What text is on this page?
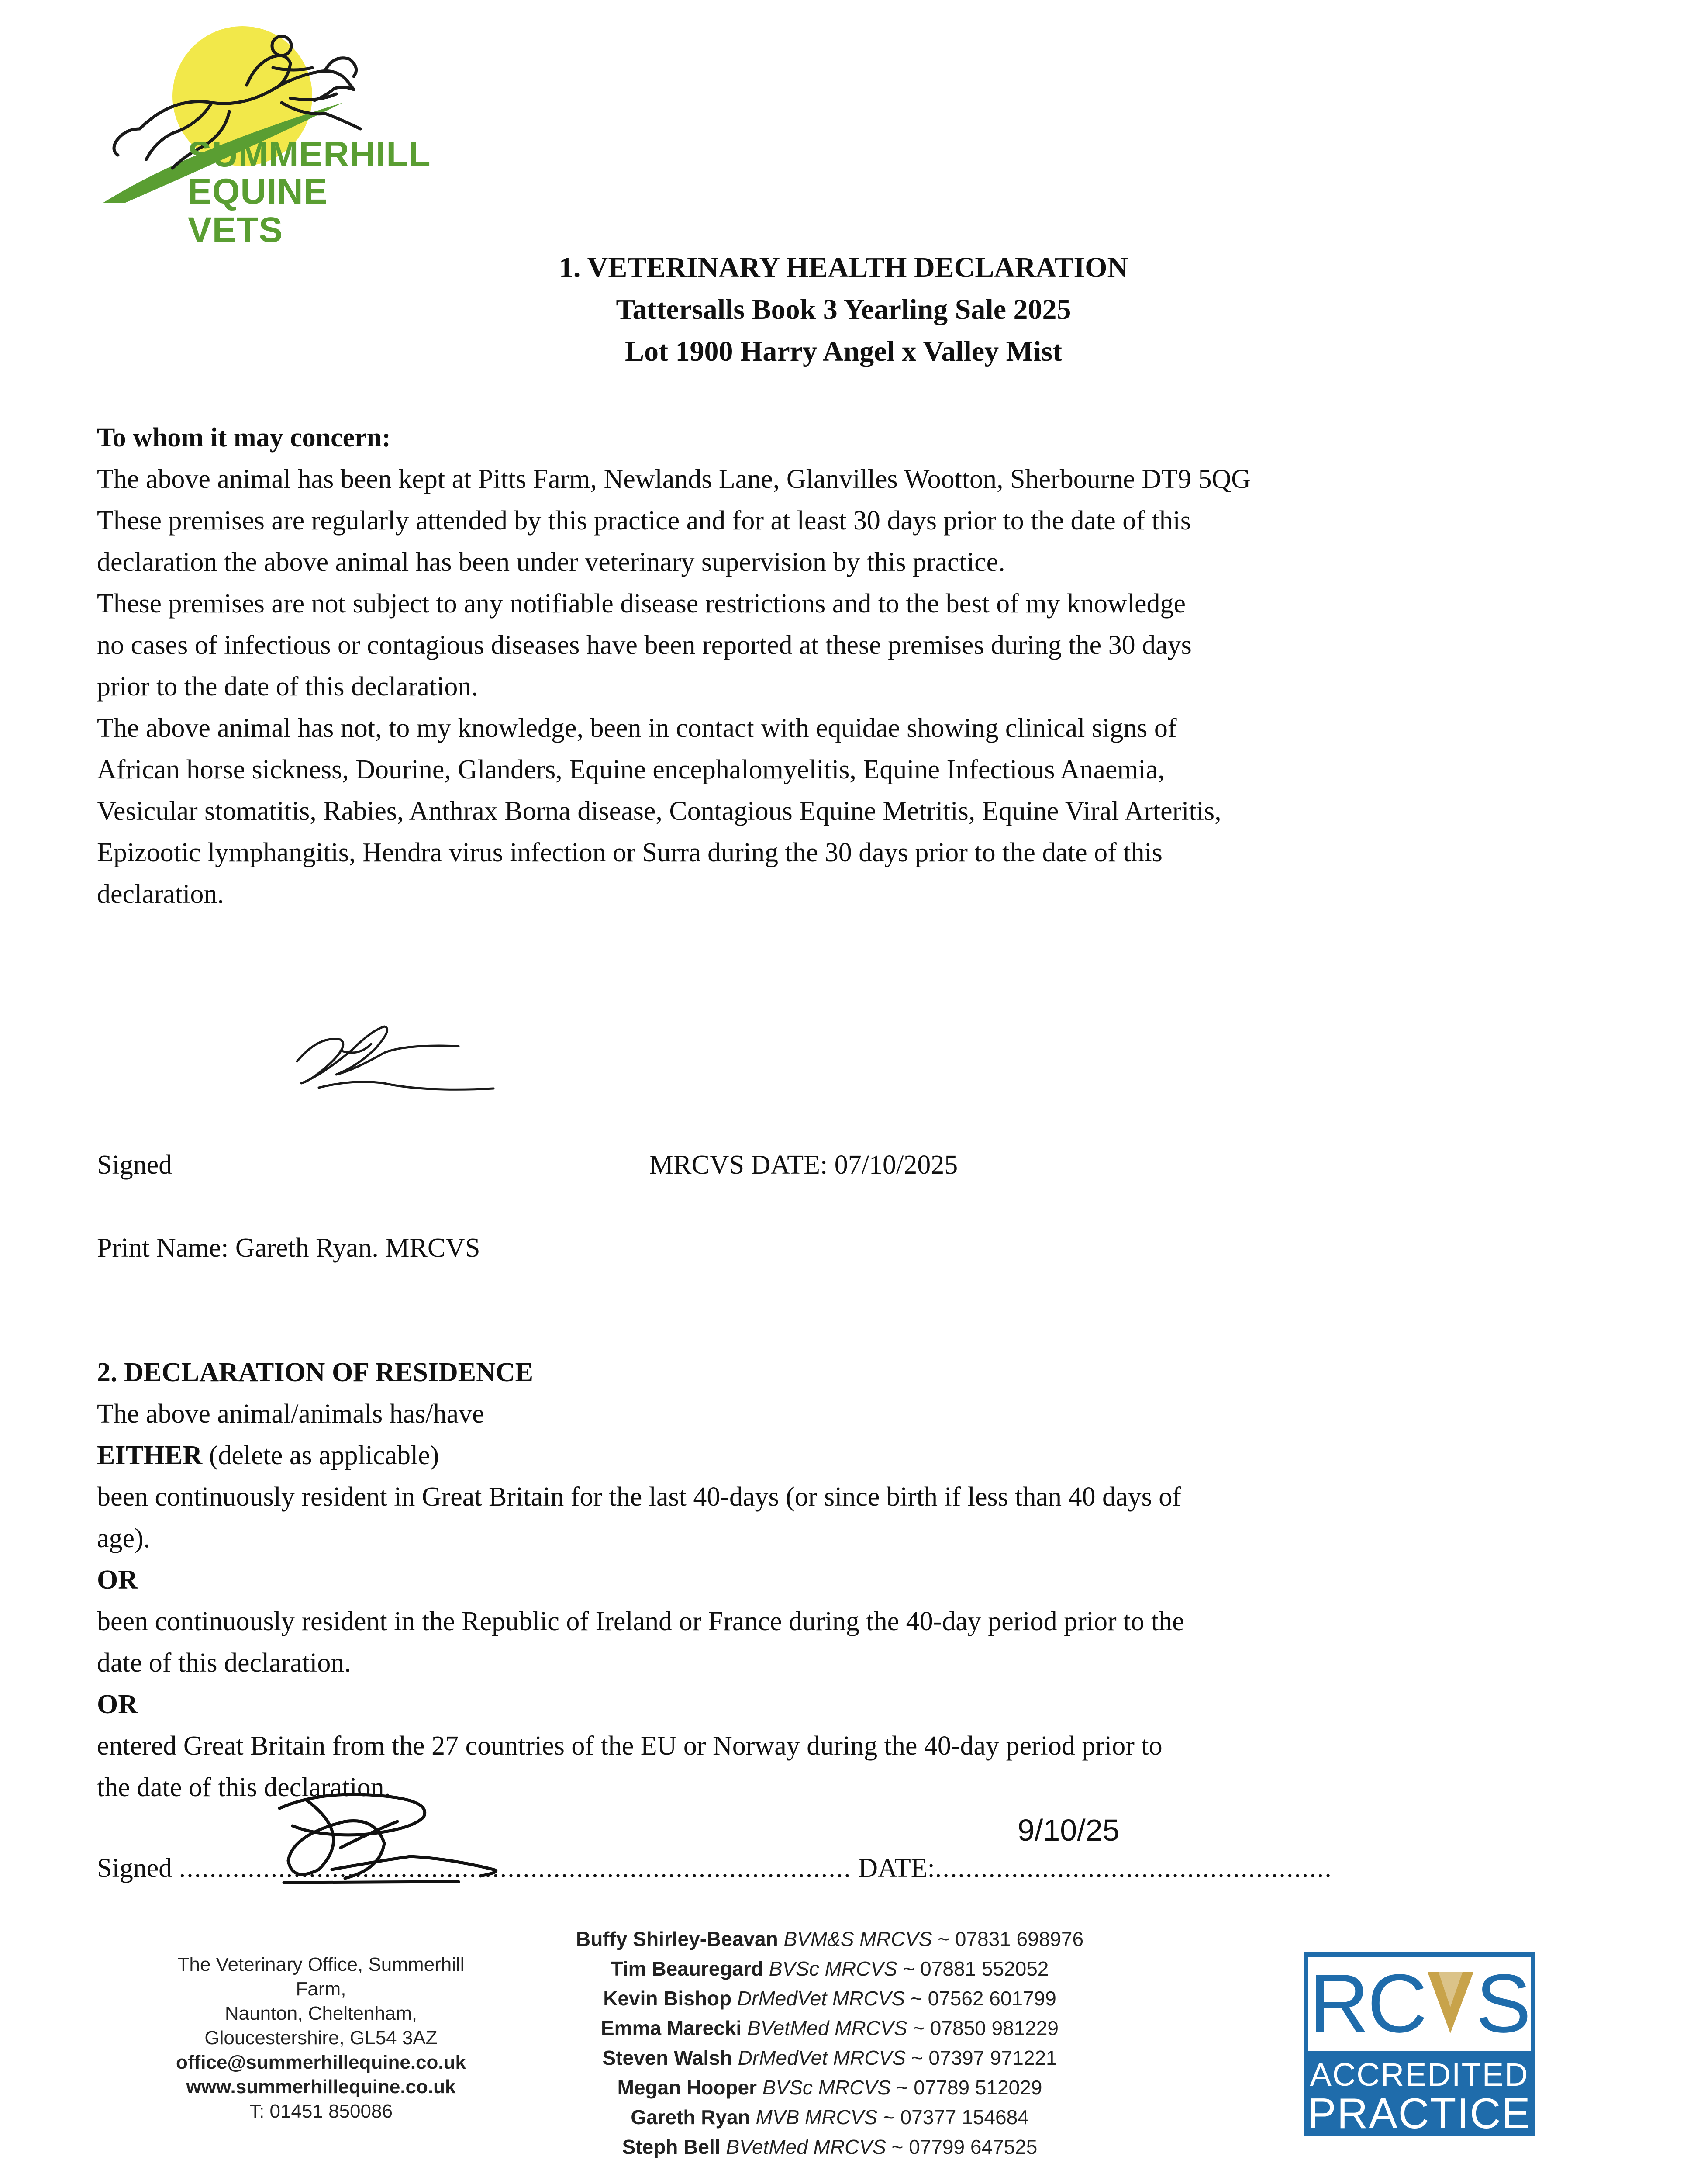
SUMMERHILL
EQUINE VETS
1. VETERINARY HEALTH DECLARATION
Tattersalls Book 3 Yearling Sale 2025
Lot 1900 Harry Angel x Valley Mist
To whom it may concern:
The above animal has been kept at Pitts Farm, Newlands Lane, Glanvilles Wootton, Sherbourne DT9 5QG
These premises are regularly attended by this practice and for at least 30 days prior to the date of this
declaration the above animal has been under veterinary supervision by this practice.
These premises are not subject to any notifiable disease restrictions and to the best of my knowledge
no cases of infectious or contagious diseases have been reported at these premises during the 30 days
prior to the date of this declaration.
The above animal has not, to my knowledge, been in contact with equidae showing clinical signs of
African horse sickness, Dourine, Glanders, Equine encephalomyelitis, Equine Infectious Anaemia,
Vesicular stomatitis, Rabies, Anthrax Borna disease, Contagious Equine Metritis, Equine Viral Arteritis,
Epizootic lymphangitis, Hendra virus infection or Surra during the 30 days prior to the date of this
declaration.
Signed	MRCVS DATE: 07/10/2025
Print Name: Gareth Ryan. MRCVS
2. DECLARATION OF RESIDENCE
The above animal/animals has/have
EITHER (delete as applicable)
been continuously resident in Great Britain for the last 40-days (or since birth if less than 40 days of
age).
OR
been continuously resident in the Republic of Ireland or France during the 40-day period prior to the
date of this declaration.
OR
entered Great Britain from the 27 countries of the EU or Norway during the 40-day period prior to
the date of this declaration.
Signed ........................................................................................ DATE:....................................................
9/10/25
The Veterinary Office, Summerhill
Farm,
Naunton, Cheltenham,
Gloucestershire, GL54 3AZ
office@summerhillequine.co.uk
www.summerhillequine.co.uk
T: 01451 850086
Buffy Shirley-Beavan BVM&S MRCVS ~ 07831 698976
Tim Beauregard BVSc MRCVS ~ 07881 552052
Kevin Bishop DrMedVet MRCVS ~ 07562 601799
Emma Marecki BVetMed MRCVS ~ 07850 981229
Steven Walsh DrMedVet MRCVS ~ 07397 971221
Megan Hooper BVSc MRCVS ~ 07789 512029
Gareth Ryan MVB MRCVS ~ 07377 154684
Steph Bell BVetMed MRCVS ~ 07799 647525
RC S
ACCREDITED
PRACTICE
